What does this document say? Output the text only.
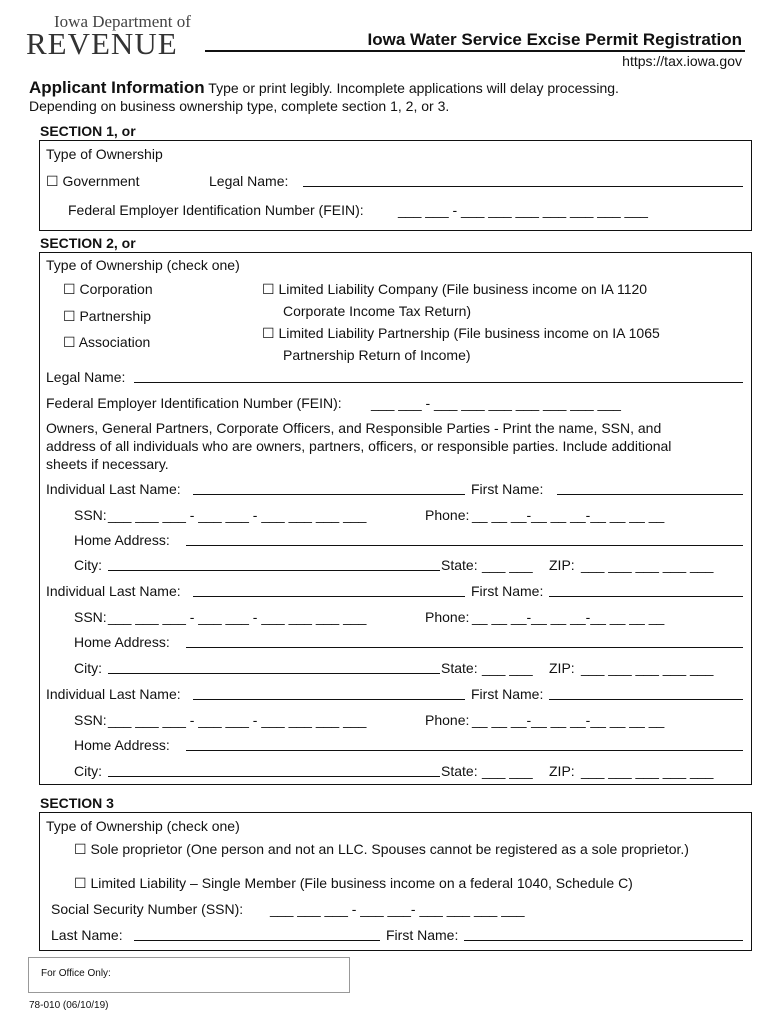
Iowa Department of
REVENUE	Iowa Water Service Excise Permit Registration
https://tax.iowa.gov
Applicant Information Type or print legibly. Incomplete applications will delay processing.
Depending on business ownership type, complete section 1, 2, or 3.
SECTION 1, or
Type of Ownership
☐ Government	Legal Name:
Federal Employer Identification Number (FEIN): ___ ___ - ___ ___ ___ ___ ___ ___ ___
SECTION 2, or
Type of Ownership (check one)
☐ Corporation
☐ Partnership
☐ Association
☐ Limited Liability Company (File business income on IA 1120
Corporate Income Tax Return)
☐ Limited Liability Partnership (File business income on IA 1065
Partnership Return of Income)
Legal Name:
Federal Employer Identification Number (FEIN): ___ ___ - ___ ___ ___ ___ ___ ___ ___
Owners, General Partners, Corporate Officers, and Responsible Parties - Print the name, SSN, and
address of all individuals who are owners, partners, officers, or responsible parties. Include additional
sheets if necessary.
Individual Last Name:	First Name:
SSN: ___ ___ ___ - ___ ___ - ___ ___ ___ ___	Phone: __ __ __-__ __ __-__ __ __ __
Home Address:
City:	State: ___ ___ ZIP: ___ ___ ___ ___ ___
Individual Last Name:	First Name:
SSN: ___ ___ ___ - ___ ___ - ___ ___ ___ ___	Phone: __ __ __-__ __ __-__ __ __ __
Home Address:
City:	State: ___ ___ ZIP: ___ ___ ___ ___ ___
Individual Last Name:	First Name:
SSN: ___ ___ ___ - ___ ___ - ___ ___ ___ ___	Phone: __ __ __-__ __ __-__ __ __ __
Home Address:
City:	State: ___ ___ ZIP: ___ ___ ___ ___ ___
SECTION 3
Type of Ownership (check one)
☐ Sole proprietor (One person and not an LLC. Spouses cannot be registered as a sole proprietor.)
☐ Limited Liability – Single Member (File business income on a federal 1040, Schedule C)
Social Security Number (SSN): ___ ___ ___ - ___ ___- ___ ___ ___ ___
Last Name:	First Name:
For Office Only:
78-010 (06/10/19)
